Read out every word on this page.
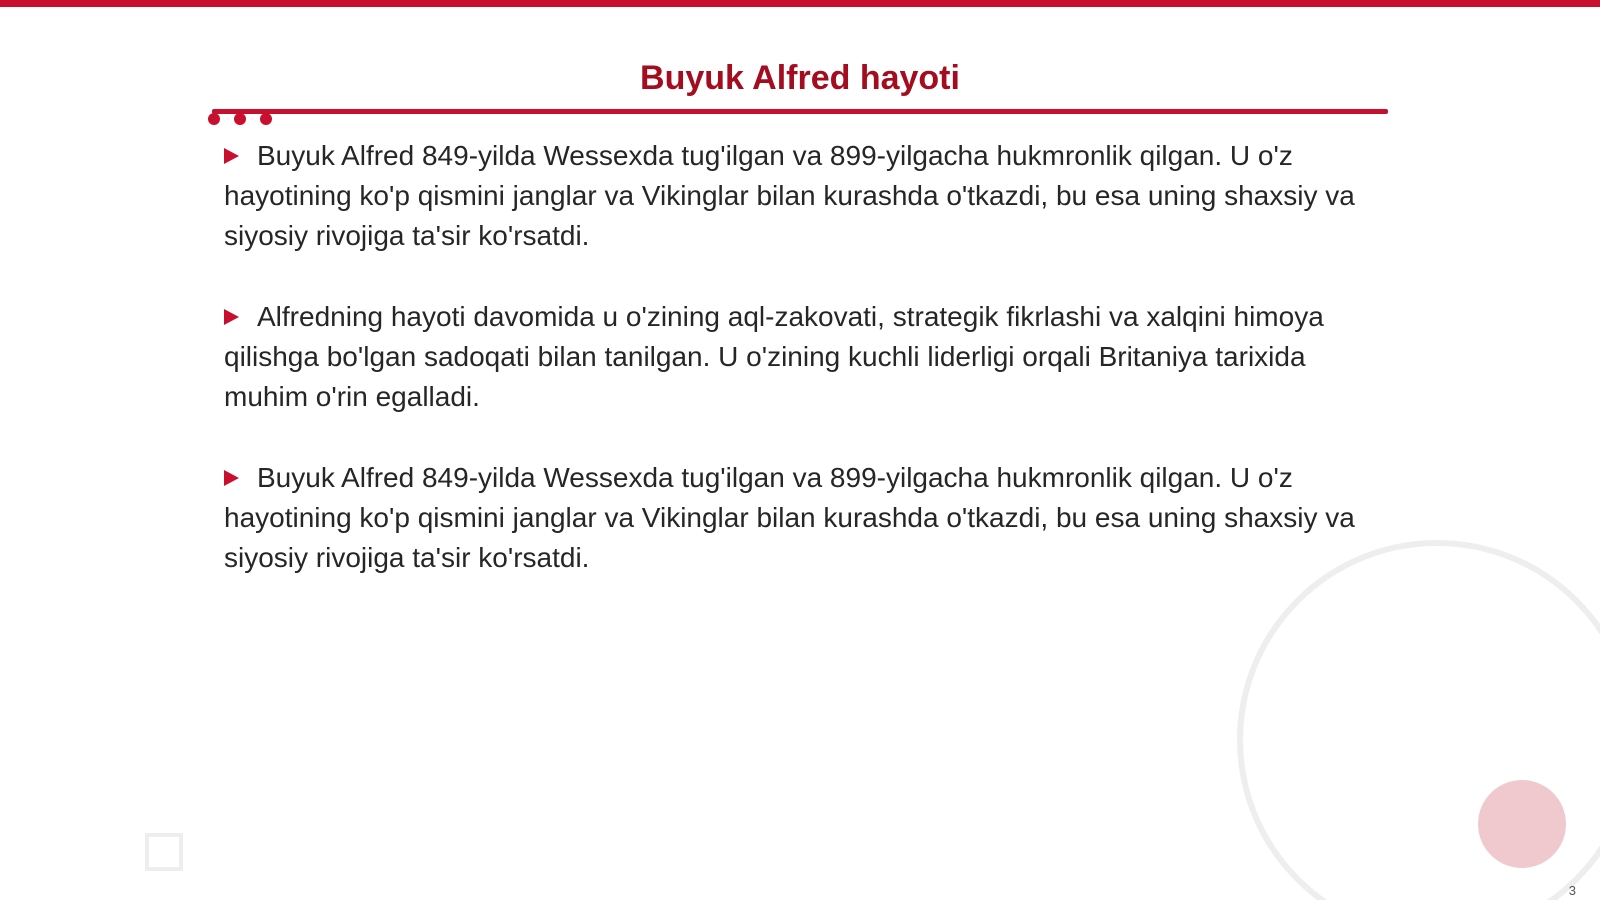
Buyuk Alfred hayoti

Buyuk Alfred 849-yilda Wessexda tug'ilgan va 899-yilgacha hukmronlik qilgan. U o'z hayotining ko'p qismini janglar va Vikinglar bilan kurashda o'tkazdi, bu esa uning shaxsiy va siyosiy rivojiga ta'sir ko'rsatdi.

Alfredning hayoti davomida u o'zining aql-zakovati, strategik fikrlashi va xalqini himoya qilishga bo'lgan sadoqati bilan tanilgan. U o'zining kuchli liderligi orqali Britaniya tarixida muhim o'rin egalladi.

Buyuk Alfred 849-yilda Wessexda tug'ilgan va 899-yilgacha hukmronlik qilgan. U o'z hayotining ko'p qismini janglar va Vikinglar bilan kurashda o'tkazdi, bu esa uning shaxsiy va siyosiy rivojiga ta'sir ko'rsatdi.

3
